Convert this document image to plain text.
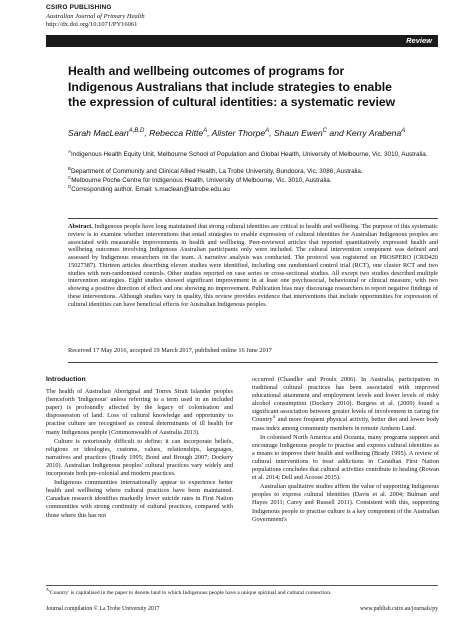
CSIRO PUBLISHING
Australian Journal of Primary Health
http://dx.doi.org/10.1071/PY16061
Review
Health and wellbeing outcomes of programs for Indigenous Australians that include strategies to enable the expression of cultural identities: a systematic review
Sarah MacLean$^{A,B,D}$, Rebecca Ritte$^A$, Alister Thorpe$^A$, Shaun Ewen$^C$ and Kerry Arabena$^A$
$^A$Indigenous Health Equity Unit, Melbourne School of Population and Global Health, University of Melbourne, Vic. 3010, Australia.
$^B$Department of Community and Clinical Allied Health, La Trobe University, Bundoora, Vic. 3086, Australia.
$^C$Melbourne Poche Centre for Indigenous Health, University of Melbourne, Vic. 3010, Australia.
$^D$Corresponding author. Email: s.maclean@latrobe.edu.au
Abstract. Indigenous people have long maintained that strong cultural identities are critical to health and wellbeing. The purpose of this systematic review is to examine whether interventions that entail strategies to enable expression of cultural identities for Australian Indigenous peoples are associated with measurable improvements in health and wellbeing. Peer-reviewed articles that reported quantitatively expressed health and wellbeing outcomes involving Indigenous Australian participants only were included. The cultural intervention component was defined and assessed by Indigenous researchers on the team. A narrative analysis was conducted. The protocol was registered on PROSPERO (CRD420 15027387). Thirteen articles describing eleven studies were identified, including one randomised control trial (RCT), one cluster RCT and two studies with non-randomised controls. Other studies reported on case series or cross-sectional studies. All except two studies described multiple intervention strategies. Eight studies showed significant improvement in at least one psychosocial, behavioural or clinical measure, with two showing a positive direction of effect and one showing no improvement. Publication bias may discourage researchers to report negative findings of these interventions. Although studies vary in quality, this review provides evidence that interventions that include opportunities for expression of cultural identities can have beneficial effects for Australian Indigenous peoples.
Received 17 May 2016, accepted 19 March 2017, published online 16 June 2017
Introduction

The health of Australian Aboriginal and Torres Strait Islander peoples (henceforth 'Indigenous' unless referring to a term used in an included paper) is profoundly affected by the legacy of colonisation and dispossession of land. Loss of cultural knowledge and opportunity to practise culture are recognised as central determinants of ill health for many Indigenous people (Commonwealth of Australia 2013).

Culture is notoriously difficult to define; it can incorporate beliefs, religions or ideologies, customs, values, relationships, languages, narratives and practices (Brady 1995; Bond and Brough 2007; Dockery 2010). Australian Indigenous peoples' cultural practices vary widely and incorporate both pre-colonial and modern practices.

Indigenous communities internationally appear to experience better health and wellbeing where cultural practices have been maintained. Canadian research identifies markedly lower suicide rates in First Nation communities with strong continuity of cultural practices, compared with those where this has not

occurred (Chandler and Proulx 2006). In Australia, participation in traditional cultural practices has been associated with improved educational attainment and employment levels and lower levels of risky alcohol consumption (Dockery 2010). Burgess et al. (2009) found a significant association between greater levels of involvement in caring for Country$^A$ and more frequent physical activity, better diet and lower body mass index among community members in remote Arnhem Land.

In colonised North America and Oceania, many programs support and encourage Indigenous people to practise and express cultural identities as a means to improve their health and wellbeing (Brady 1995). A review of cultural interventions to treat addictions in Canadian First Nation populations concludes that cultural activities contribute to healing (Rowan et al. 2014; Dell and Acoose 2015).

Australian qualitative studies affirm the value of supporting Indigenous peoples to express cultural identities (Davis et al. 2004; Bulman and Hayes 2011; Carey and Russell 2011). Consistent with this, supporting Indigenous people to practise culture is a key component of the Australian Government's

$^A$'Country' is capitalised in the paper to denote land to which Indigenous people have a unique spiritual and cultural connection.
Journal compilation © La Trobe University 2017	www.publish.csiro.au/journals/py
